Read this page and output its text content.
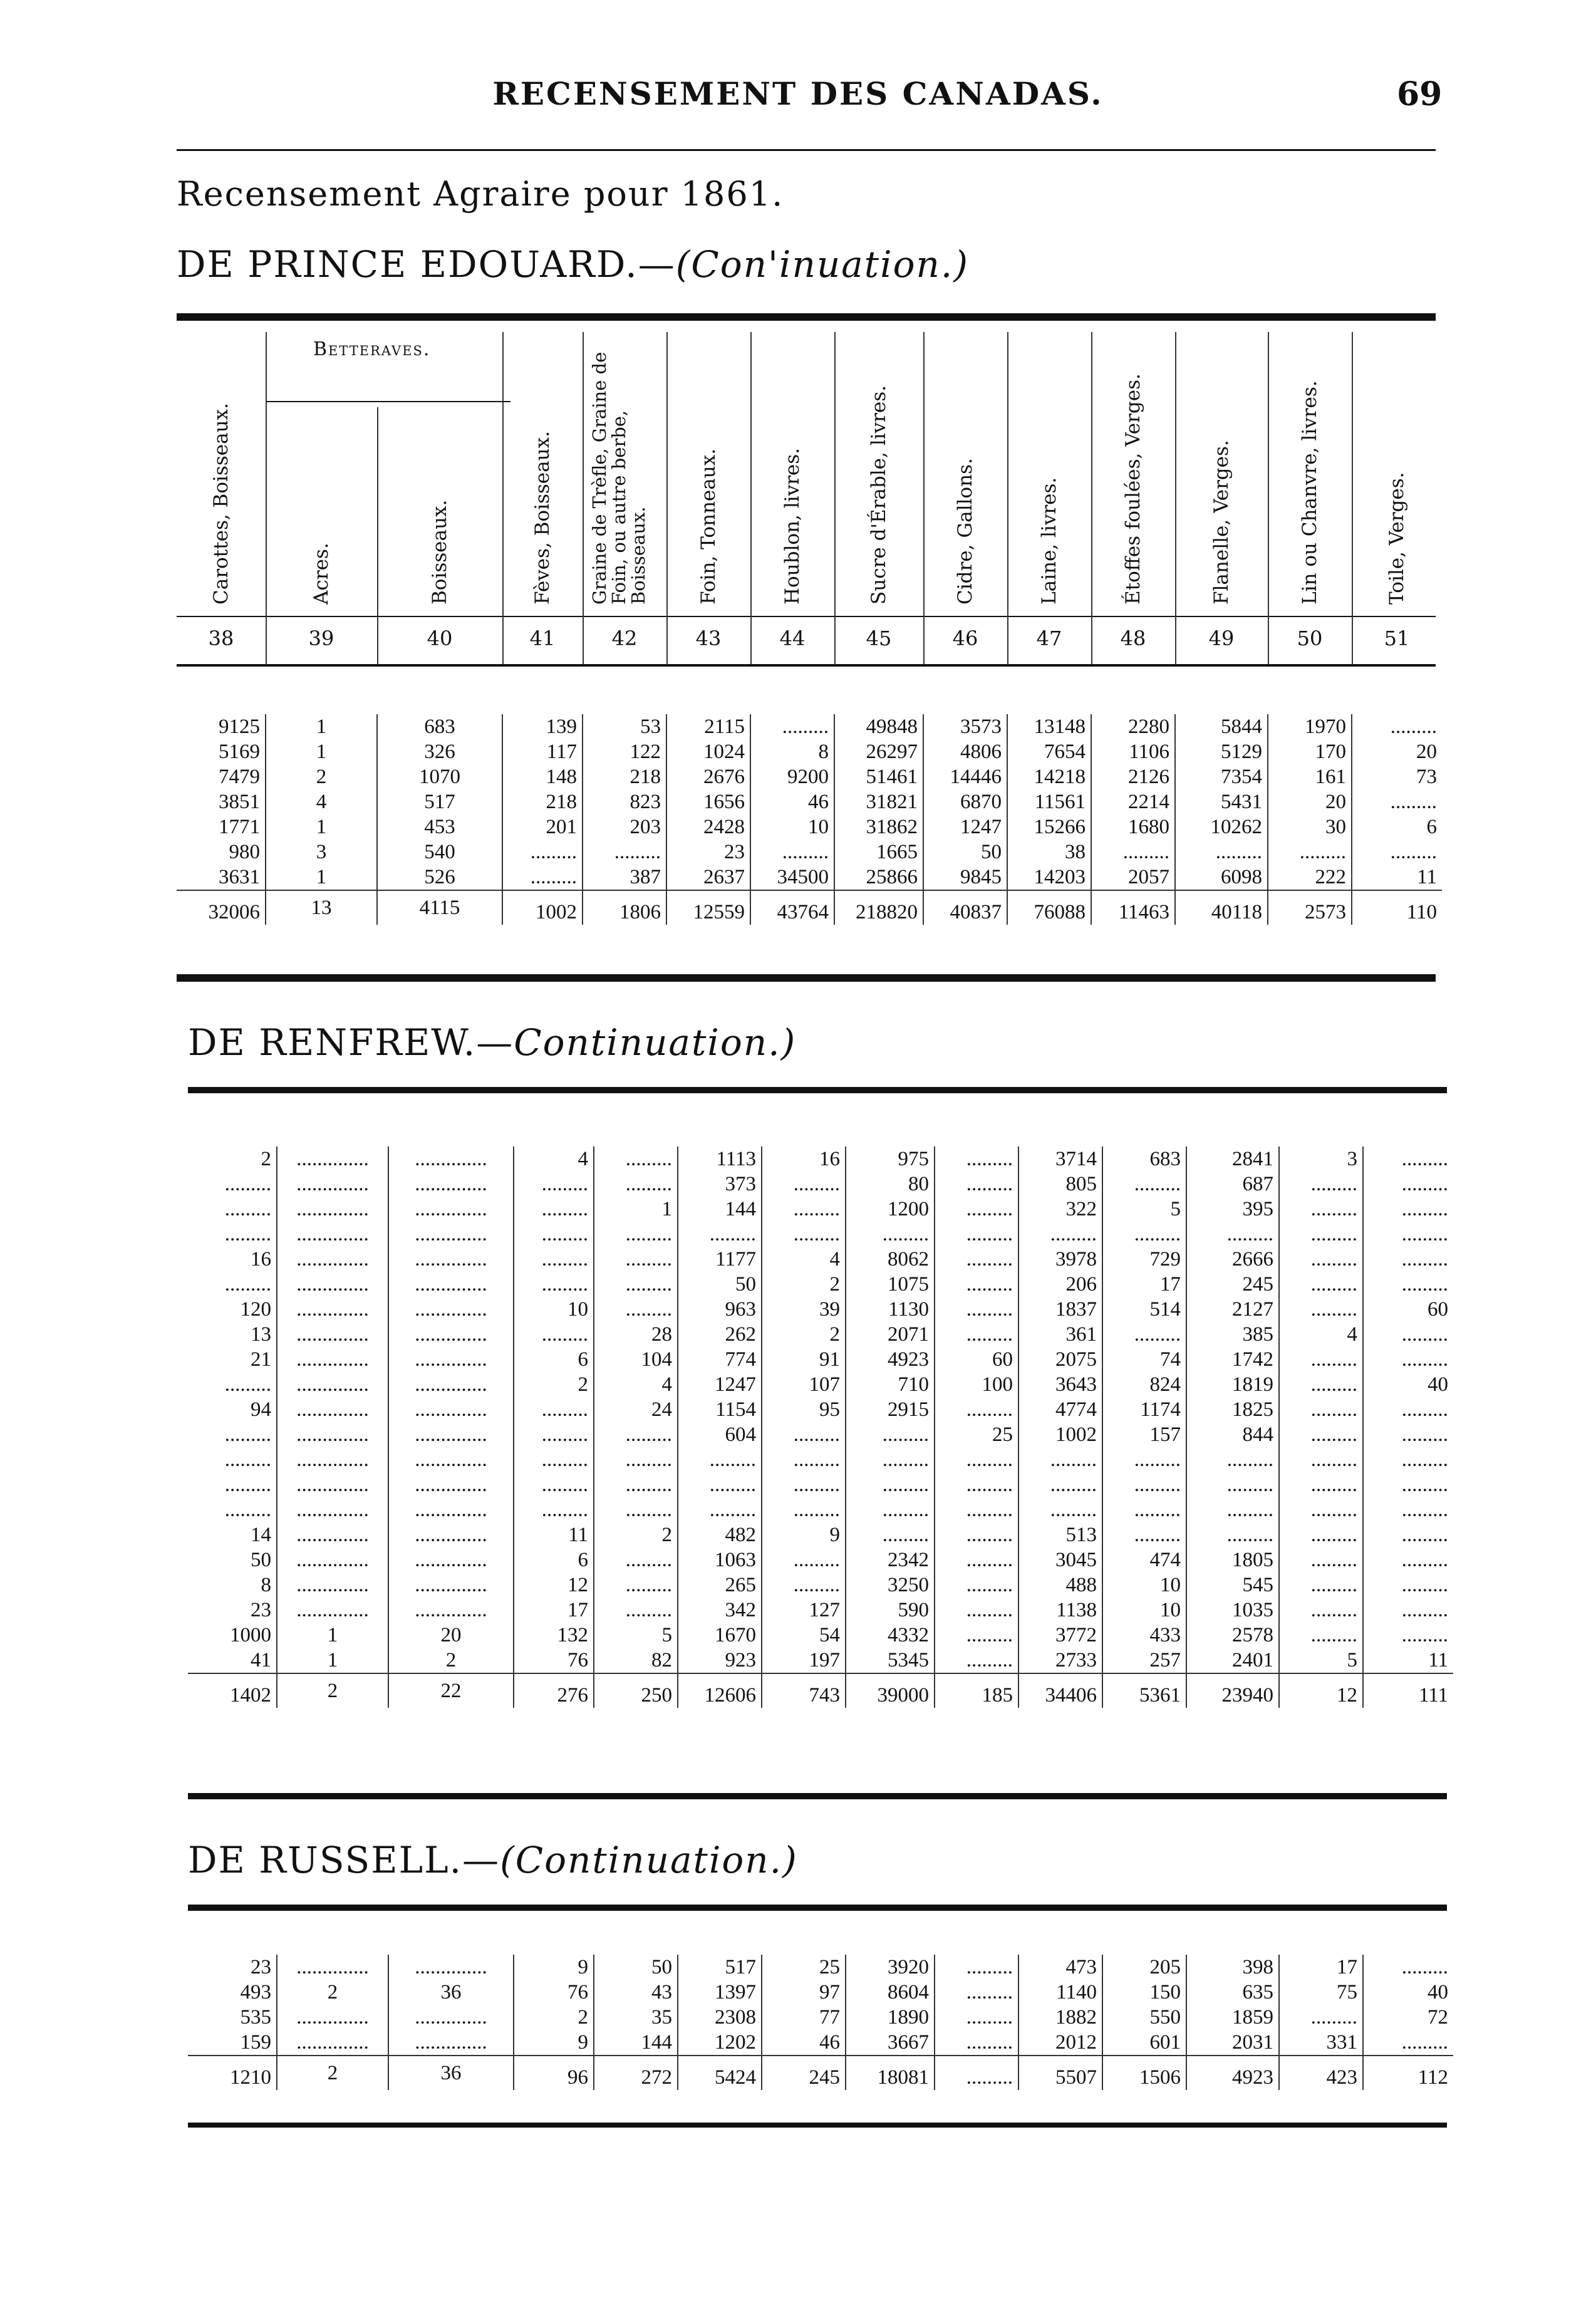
RECENSEMENT DES CANADAS.	69
Recensement Agraire pour 1861.
DE PRINCE EDOUARD.—(Con'inuation.)
Carottes, Boisseaux.
38
Acres.
39
Boisseaux.
40
Fèves, Boisseaux.
41
Graine de Trèfle, Graine de Foin, ou autre berbe, Boisseaux.
42
Foin, Tonneaux.
43
Houblon, livres.
44
Sucre d'Érable, livres.
45
Cidre, Gallons.
46
Laine, livres.
47
Étoffes foulées, Verges.
48
Flanelle, Verges.
49
Lin ou Chanvre, livres.
50
Toile, Verges.
51
Betteraves.
9125	1	683	139	53	2115	.........	49848	3573	13148	2280	5844	1970	.........
5169	1	326	117	122	1024	8	26297	4806	7654	1106	5129	170	20
7479	2	1070	148	218	2676	9200	51461	14446	14218	2126	7354	161	73
3851	4	517	218	823	1656	46	31821	6870	11561	2214	5431	20	.........
1771	1	453	201	203	2428	10	31862	1247	15266	1680	10262	30	6
980	3	540	.........	.........	23	.........	1665	50	38	.........	.........	.........	.........
3631	1	526	.........	387	2637	34500	25866	9845	14203	2057	6098	222	11
32006	13	4115	1002	1806	12559	43764	218820	40837	76088	11463	40118	2573	110
DE RENFREW.—Continuation.)
2	..............	..............	4	.........	1113	16	975	.........	3714	683	2841	3	.........
.........	..............	..............	.........	.........	373	.........	80	.........	805	.........	687	.........	.........
.........	..............	..............	.........	1	144	.........	1200	.........	322	5	395	.........	.........
.........	..............	..............	.........	.........	.........	.........	.........	.........	.........	.........	.........	.........	.........
16	..............	..............	.........	.........	1177	4	8062	.........	3978	729	2666	.........	.........
.........	..............	..............	.........	.........	50	2	1075	.........	206	17	245	.........	.........
120	..............	..............	10	.........	963	39	1130	.........	1837	514	2127	.........	60
13	..............	..............	.........	28	262	2	2071	.........	361	.........	385	4	.........
21	..............	..............	6	104	774	91	4923	60	2075	74	1742	.........	.........
.........	..............	..............	2	4	1247	107	710	100	3643	824	1819	.........	40
94	..............	..............	.........	24	1154	95	2915	.........	4774	1174	1825	.........	.........
.........	..............	..............	.........	.........	604	.........	.........	25	1002	157	844	.........	.........
.........	..............	..............	.........	.........	.........	.........	.........	.........	.........	.........	.........	.........	.........
.........	..............	..............	.........	.........	.........	.........	.........	.........	.........	.........	.........	.........	.........
.........	..............	..............	.........	.........	.........	.........	.........	.........	.........	.........	.........	.........	.........
14	..............	..............	11	2	482	9	.........	.........	513	.........	.........	.........	.........
50	..............	..............	6	.........	1063	.........	2342	.........	3045	474	1805	.........	.........
8	..............	..............	12	.........	265	.........	3250	.........	488	10	545	.........	.........
23	..............	..............	17	.........	342	127	590	.........	1138	10	1035	.........	.........
1000	1	20	132	5	1670	54	4332	.........	3772	433	2578	.........	.........
41	1	2	76	82	923	197	5345	.........	2733	257	2401	5	11
1402	2	22	276	250	12606	743	39000	185	34406	5361	23940	12	111
DE RUSSELL.—(Continuation.)
23	..............	..............	9	50	517	25	3920	.........	473	205	398	17	.........
493	2	36	76	43	1397	97	8604	.........	1140	150	635	75	40
535	..............	..............	2	35	2308	77	1890	.........	1882	550	1859	.........	72
159	..............	..............	9	144	1202	46	3667	.........	2012	601	2031	331	.........
1210	2	36	96	272	5424	245	18081	.........	5507	1506	4923	423	112
